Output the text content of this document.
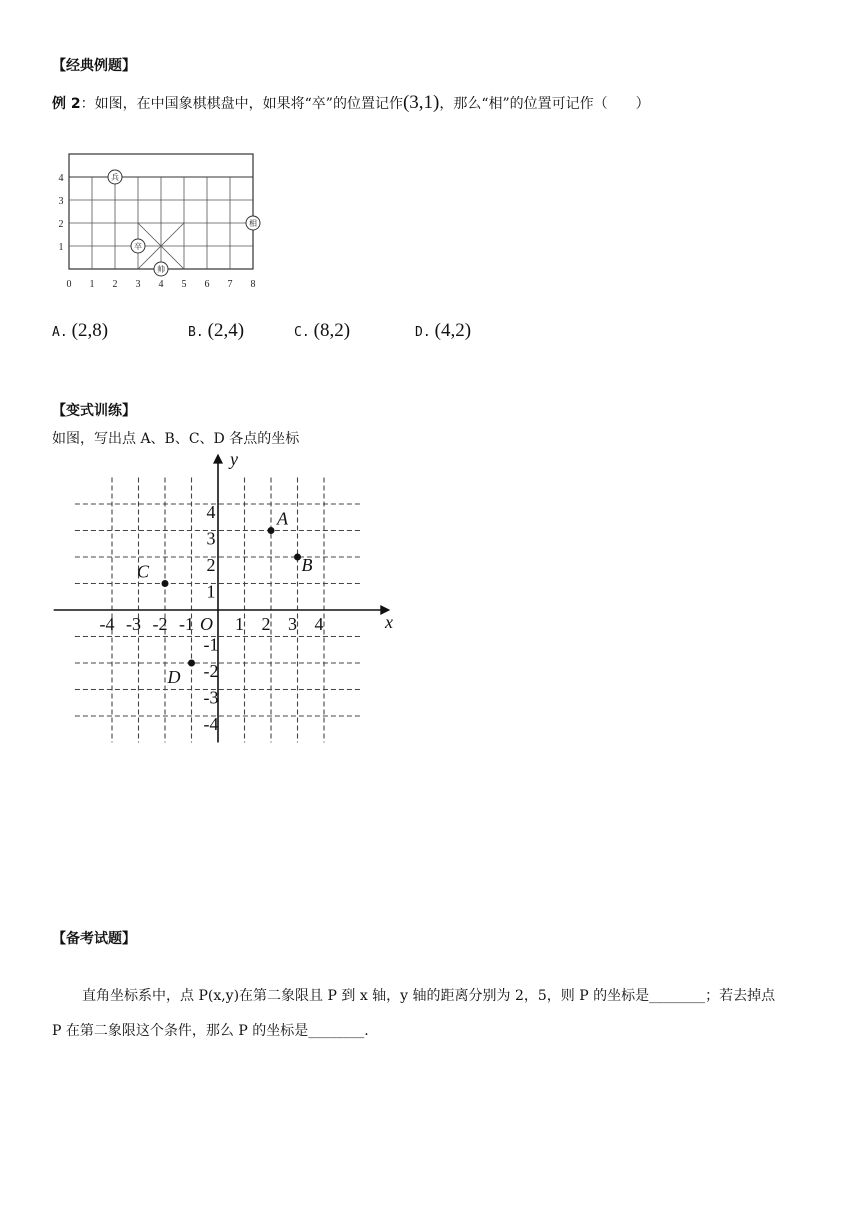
【经典例题】
例 2 ：如图，在中国象棋棋盘中，如果将“卒”的位置记作 (3,1) ，那么“相”的位置可记作（　　）
0 1 2 3 4 5 6 7 8
1
2
3
4	兵
相
卒
帅
A. (2,8)	B. (2,4)	C. (8,2)	D. (4,2)
【变式训练】
如图，写出点 A、B、C、D 各点的坐标
x
y
O
-4 -3 -2 -1 1 2 3 4
4
3
2
1
-1
-2
-3
-4
A
B
C
D
【备考试题】
直角坐标系中，点 P(x,y)在第二象限且 P 到 x 轴，y 轴的距离分别为 2，5，则 P 的坐标是________；若去掉点
P 在第二象限这个条件，那么 P 的坐标是________.
